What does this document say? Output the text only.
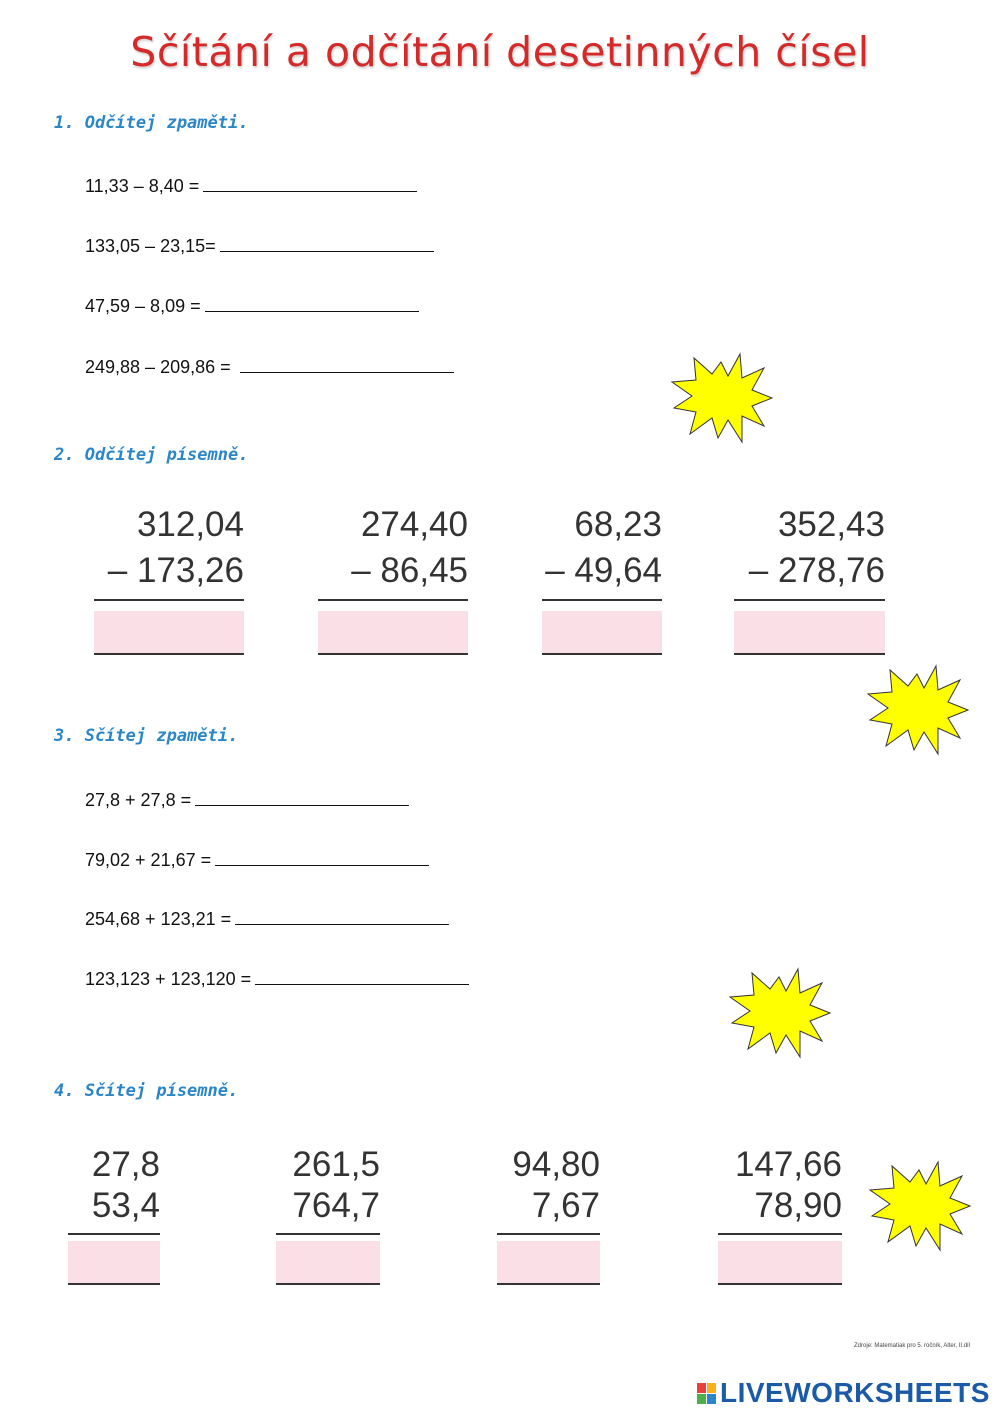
Sčítání a odčítání desetinných čísel
1. Odčítej zpaměti.
11,33 – 8,40 =
133,05 – 23,15=
47,59 – 8,09 =
249,88 – 209,86 =
2. Odčítej písemně.
312,04
– 173,26
274,40
– 86,45
68,23
– 49,64
352,43
– 278,76
3. Sčítej zpaměti.
27,8 + 27,8 =
79,02 + 21,67 =
254,68 + 123,21 =
123,123 + 123,120 =
4. Sčítej písemně.
27,8
53,4
261,5
764,7
94,80
7,67
147,66
78,90
Zdroje: Matematiak pro 5. ročník, Alter, II.díl
LIVEWORKSHEETS
